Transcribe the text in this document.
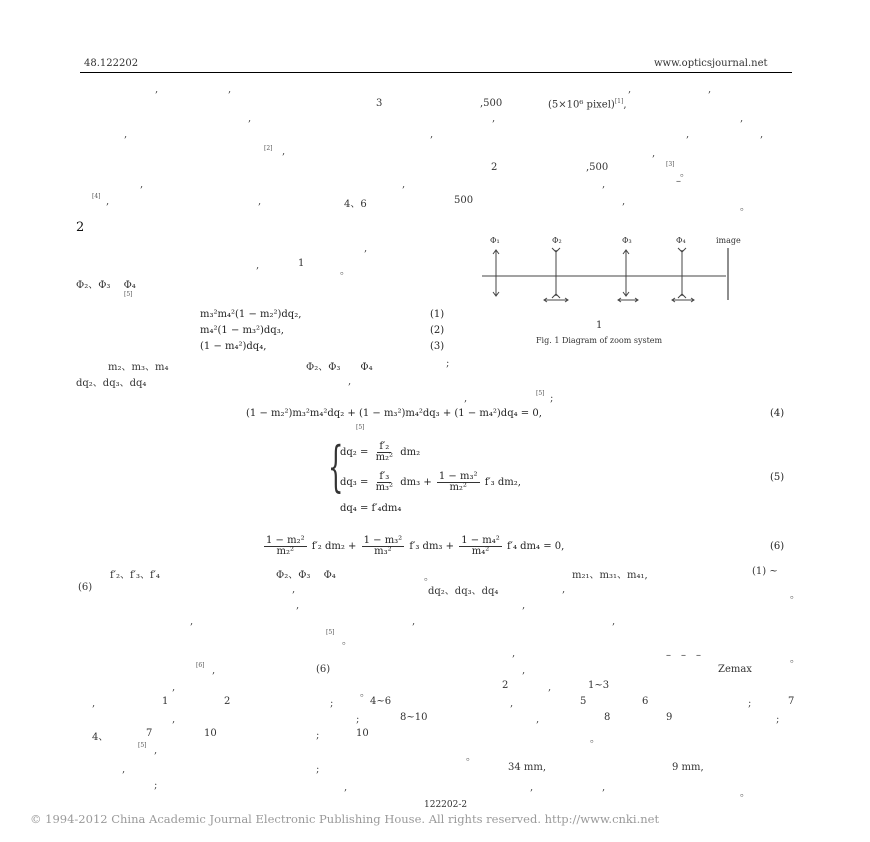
48.122202	www.opticsjournal.net
,	,	,	,
3	,500	(5×10⁶ pixel)[1],
,	,	,
,	,	,	,
[2] ,	,
2	,500	[3]
。
–
,	,	,
[4] ,	,	4、6	500	,
。
2
,
,	1
。
Φ₂、Φ₃　 Φ₄
[5]
m₃²m₄²(1 − m₂²)dq₂,	(1)
m₄²(1 − m₃²)dq₃,	(2)
(1 − m₄²)dq₄,	(3)
m₂、m₃、m₄	Φ₂、Φ₃　　Φ₄	;
dq₂、dq₃、dq₄	,
,	[5] ;
Φ₁	Φ₂	Φ₃	Φ₄	image
1
Fig. 1 Diagram of zoom system
(1 − m₂²)m₃²m₄²dq₂ + (1 − m₃²)m₄²dq₃ + (1 − m₄²)dq₄ = 0,	(4)
[5]
{
$dq_2 = \frac{\text{f′₂}}{\text{m₂²}} dm_2$
$dq_3 = \frac{\text{f′₃}}{\text{m₃²}} dm_3 + \frac{\text{1 − m₃²}}{\text{m₂²}} f'_3$ dm₂,
dq₄ = f′₄dm₄
(5)
$\frac{\text{1 − m₂²}}{\text{m₂²}} f'_2$ $dm_2 + \frac{\text{1 − m₃²}}{\text{m₃²}} f'_3$ $dm_3 + \frac{\text{1 − m₄²}}{\text{m₄²}} f'_4$ dm₄ = 0,	(6)
f′₂、f′₃、f′₄	Φ₂、Φ₃　 Φ₄	。	m₂₁、m₃₁、m₄₁,	(1) ~
(6)	,	dq₂、dq₃、dq₄	,
。
,	,
,	,	,
[5]
。
,	–　–　–	。
[6] ,	(6)	,	Zemax
,
。
2	,	1~3
,	1	2	;	4~6	,	5	6	;	7
,	;	8~10	,	8	9	;
4、	7	10	;	10
。
[5] ,
。
,	;	34 mm,	9 mm,
;	,	,	,
。
122202-2
© 1994-2012 China Academic Journal Electronic Publishing House. All rights reserved. http://www.cnki.net
